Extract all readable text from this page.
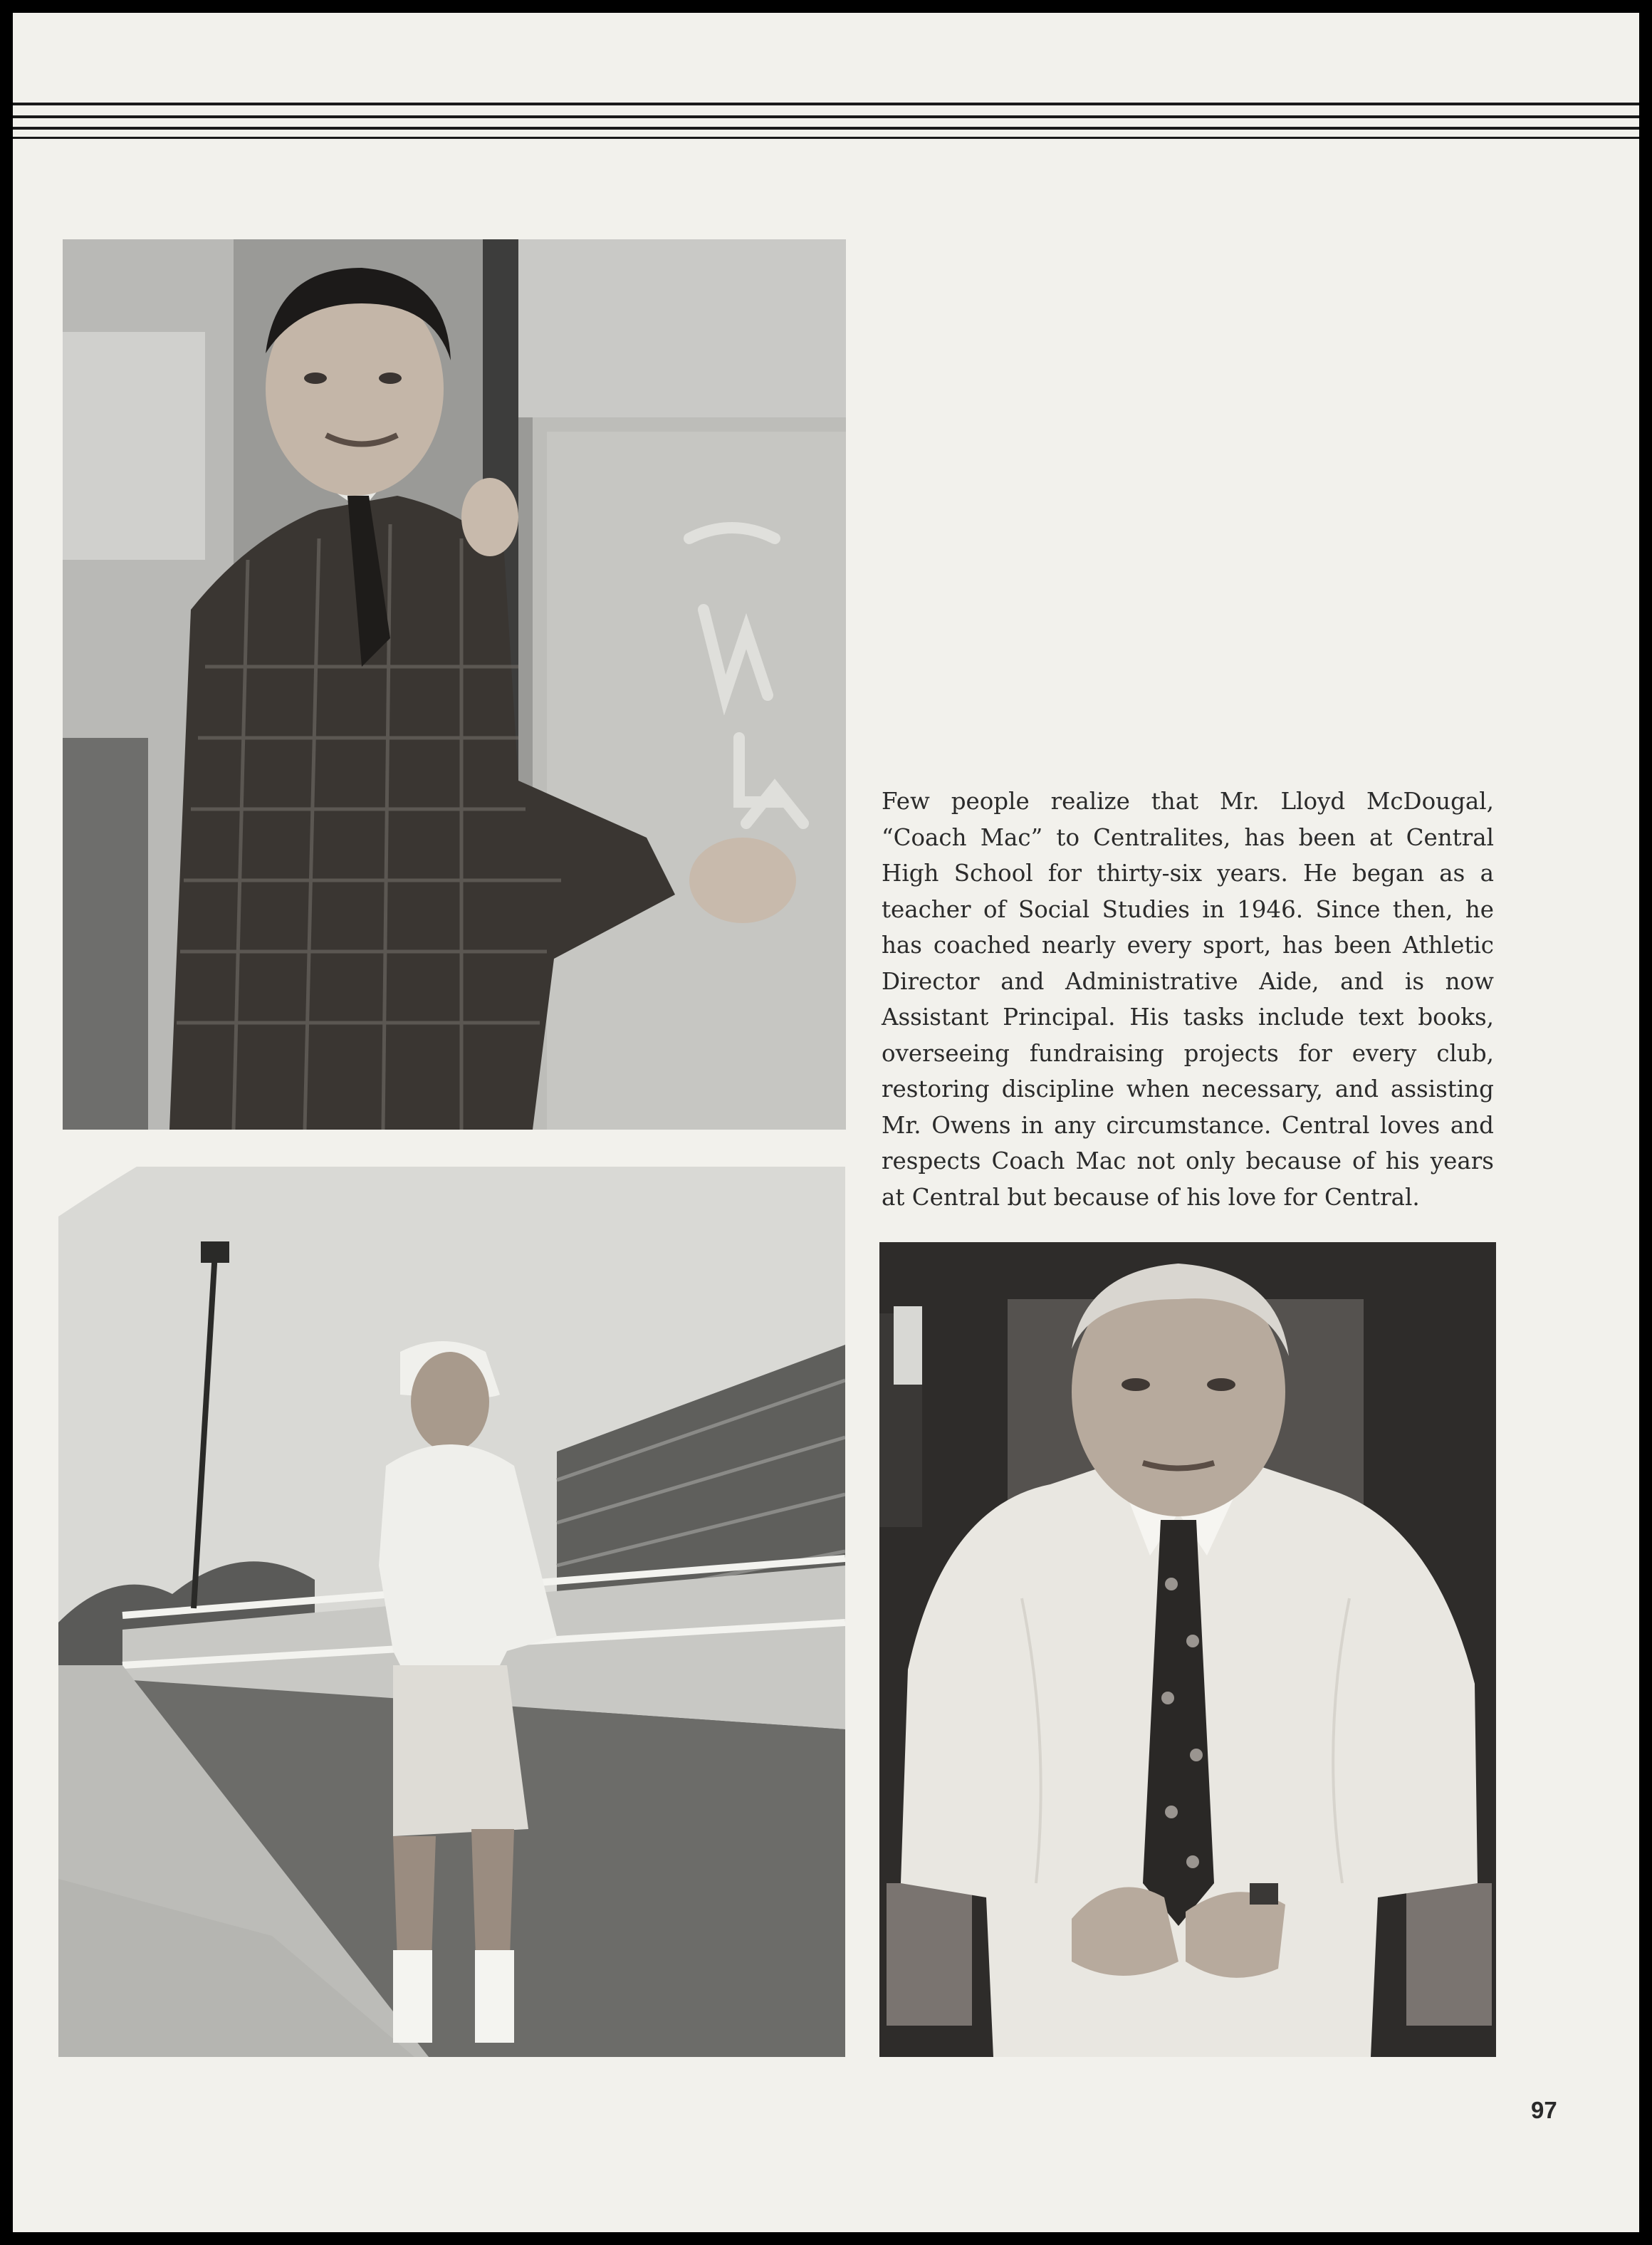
Few people realize that Mr. Lloyd McDougal, “Coach Mac” to Centralites, has been at Central High School for thirty-six years. He began as a teacher of Social Studies in 1946. Since then, he has coached nearly every sport, has been Athletic Director and Administrative Aide, and is now Assistant Principal. His tasks include text books, overseeing fundraising projects for every club, restoring discipline when necessary, and assisting Mr. Owens in any circumstance. Central loves and respects Coach Mac not only because of his years at Central but because of his love for Central.
97
